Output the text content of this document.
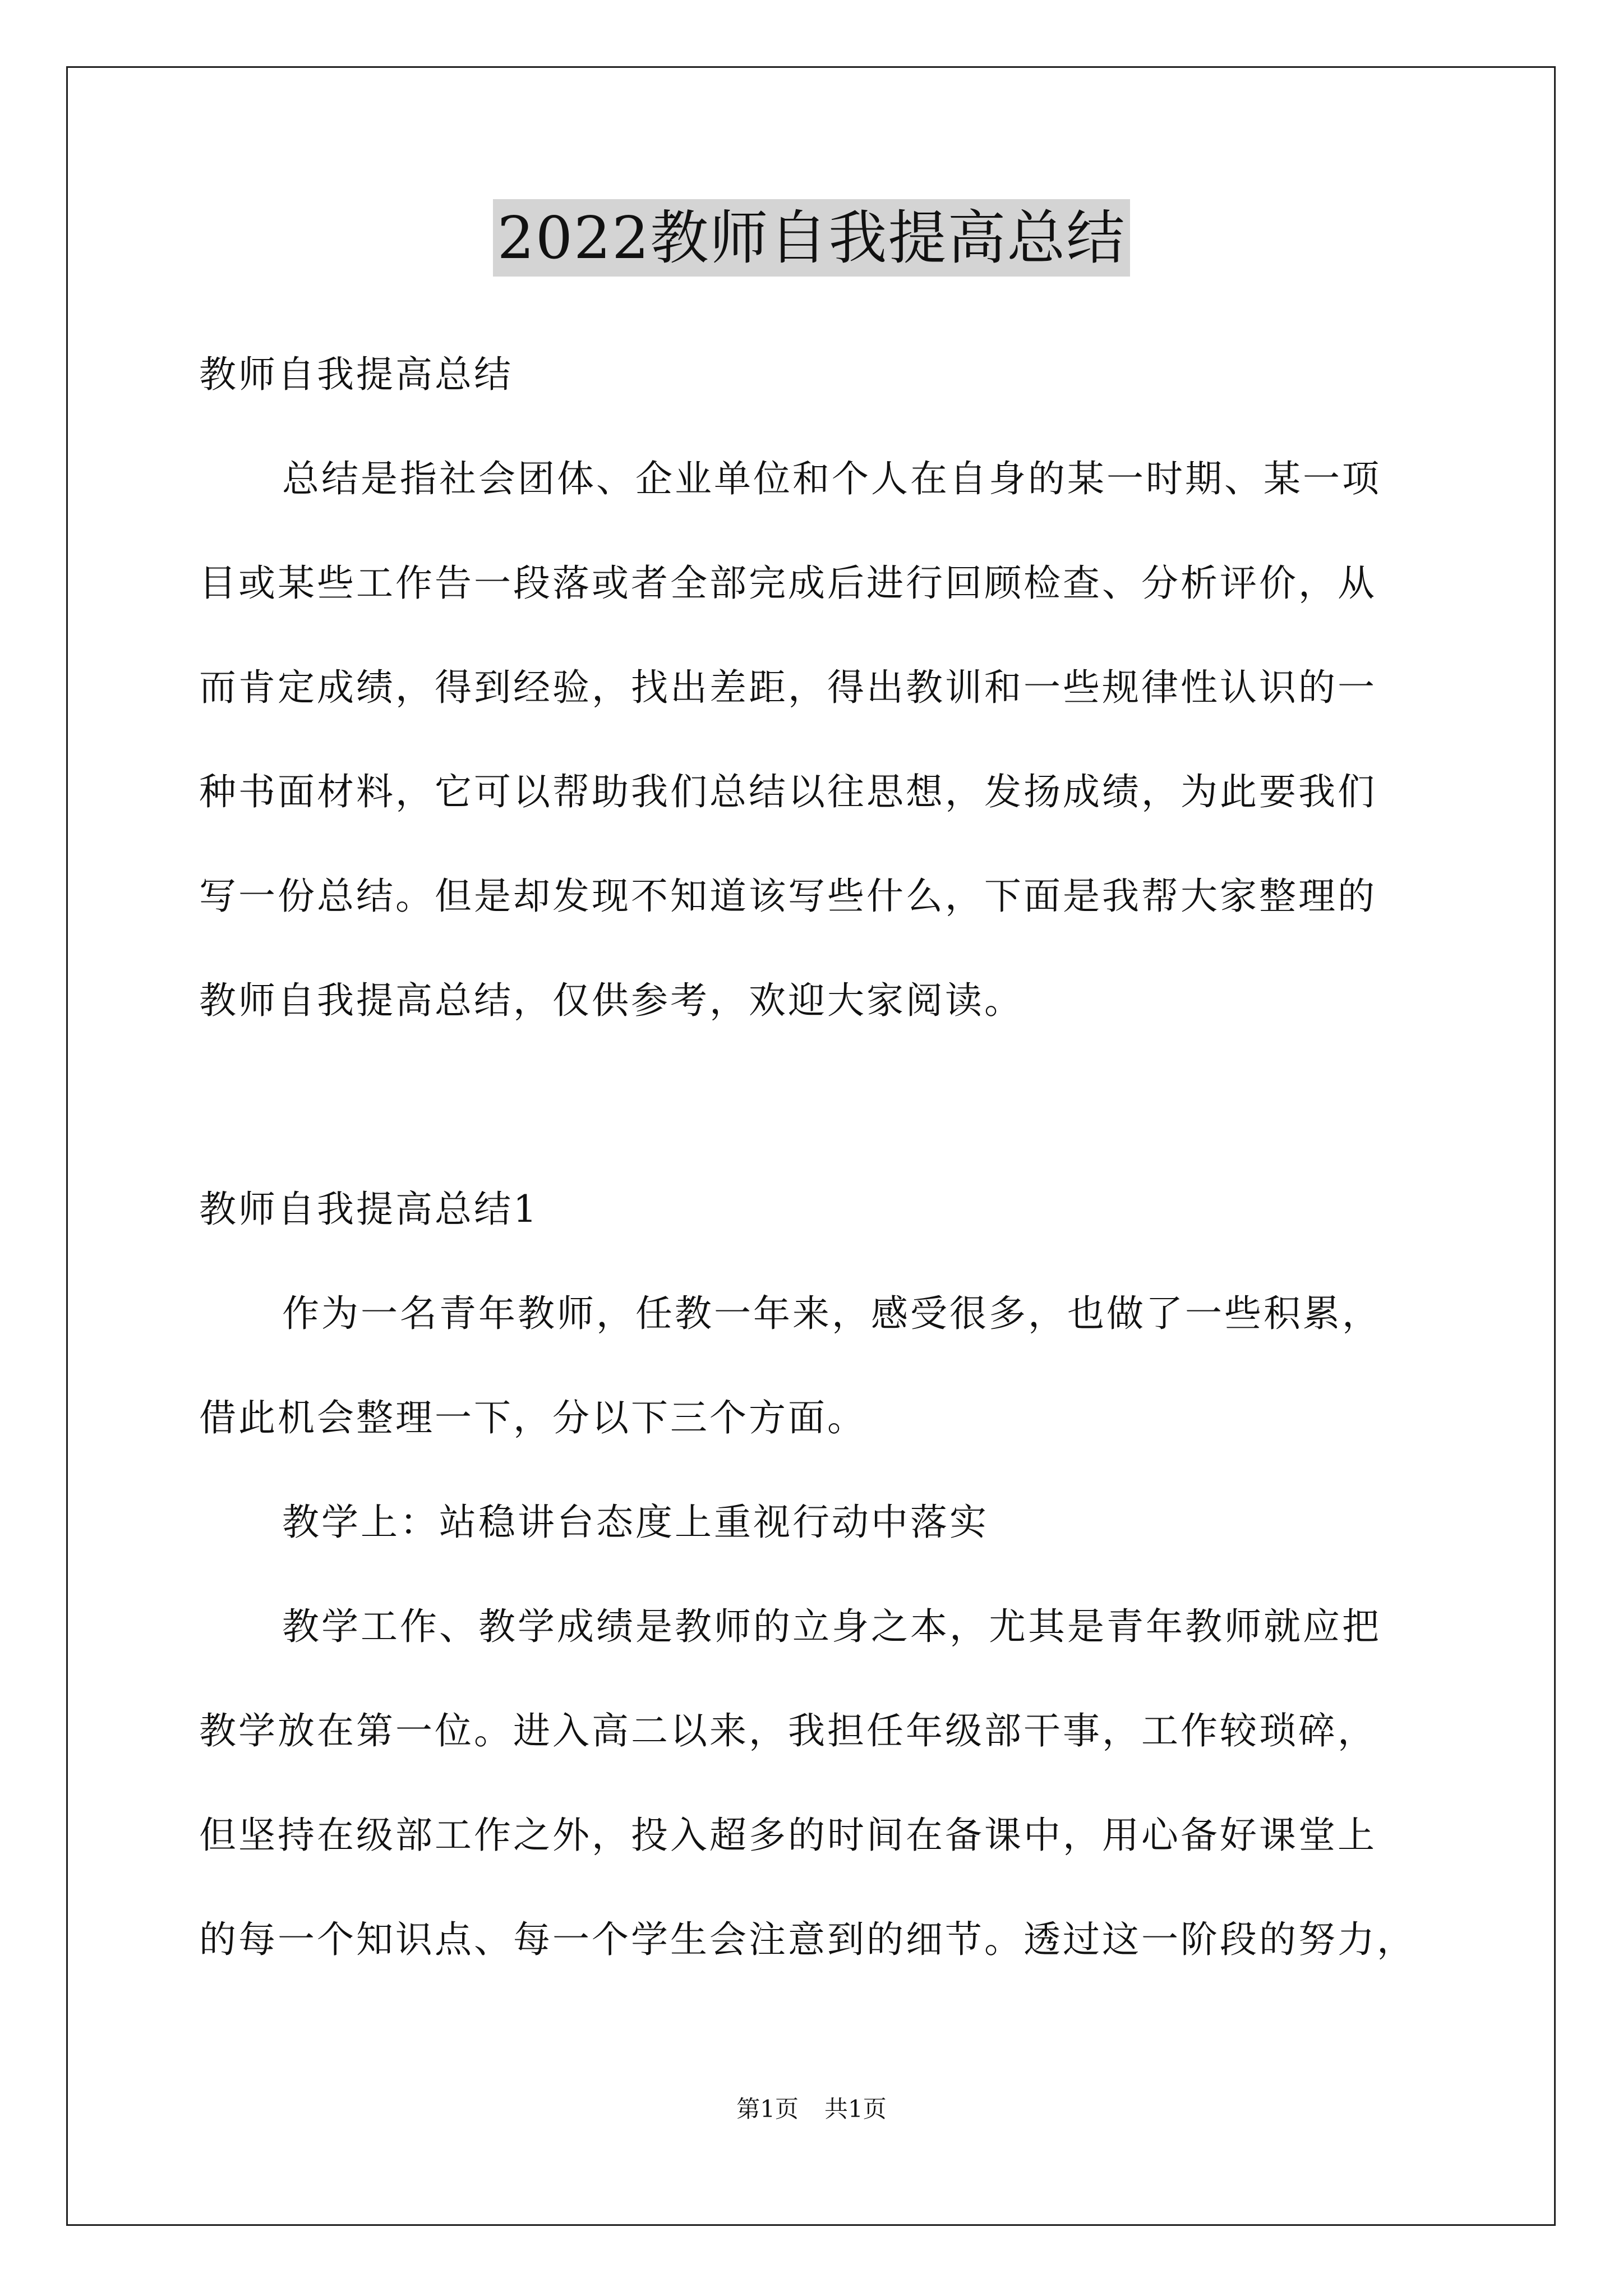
2022教师自我提高总结
教师自我提高总结
总结是指社会团体、企业单位和个人在自身的某一时期、某一项
目或某些工作告一段落或者全部完成后进行回顾检查、分析评价，从
而肯定成绩，得到经验，找出差距，得出教训和一些规律性认识的一
种书面材料，它可以帮助我们总结以往思想，发扬成绩，为此要我们
写一份总结。但是却发现不知道该写些什么，下面是我帮大家整理的
教师自我提高总结，仅供参考，欢迎大家阅读。
教师自我提高总结1
作为一名青年教师，任教一年来，感受很多，也做了一些积累，
借此机会整理一下，分以下三个方面。
教学上：站稳讲台态度上重视行动中落实
教学工作、教学成绩是教师的立身之本，尤其是青年教师就应把
教学放在第一位。进入高二以来，我担任年级部干事，工作较琐碎，
但坚持在级部工作之外，投入超多的时间在备课中，用心备好课堂上
的每一个知识点、每一个学生会注意到的细节。透过这一阶段的努力，
第1页 共1页
